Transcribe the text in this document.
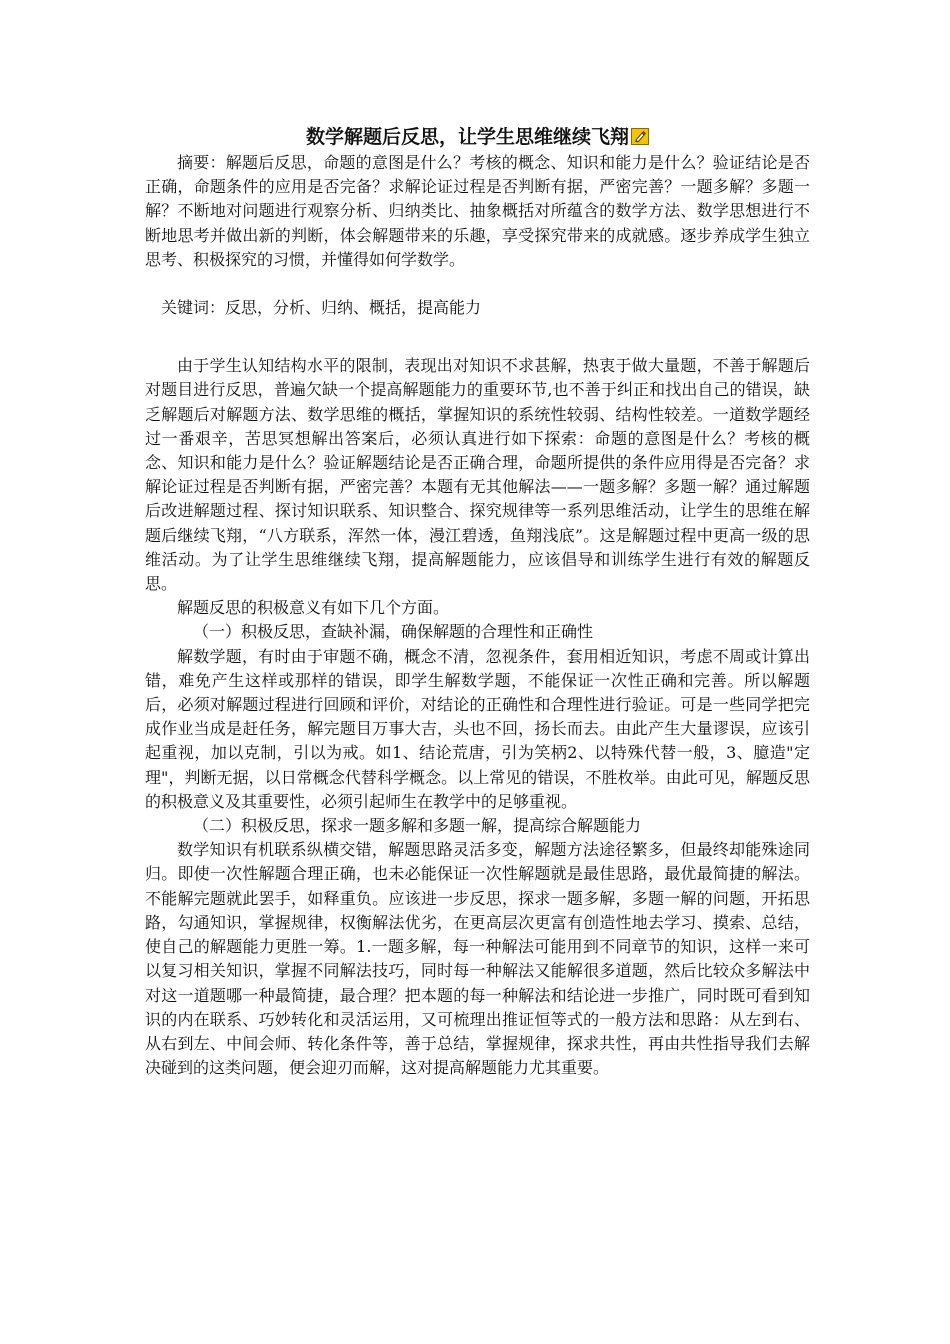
数学解题后反思，让学生思维继续飞翔

摘要：解题后反思，命题的意图是什么？考核的概念、知识和能力是什么？验证结论是否正确，命题条件的应用是否完备？求解论证过程是否判断有据，严密完善？一题多解？多题一解？不断地对问题进行观察分析、归纳类比、抽象概括对所蕴含的数学方法、数学思想进行不断地思考并做出新的判断，体会解题带来的乐趣，享受探究带来的成就感。逐步养成学生独立思考、积极探究的习惯，并懂得如何学数学。

关键词：反思，分析、归纳、概括，提高能力

由于学生认知结构水平的限制，表现出对知识不求甚解，热衷于做大量题，不善于解题后对题目进行反思，普遍欠缺一个提高解题能力的重要环节,也不善于纠正和找出自己的错误，缺乏解题后对解题方法、数学思维的概括，掌握知识的系统性较弱、结构性较差。一道数学题经过一番艰辛，苦思冥想解出答案后，必须认真进行如下探索：命题的意图是什么？考核的概念、知识和能力是什么？验证解题结论是否正确合理，命题所提供的条件应用得是否完备？求解论证过程是否判断有据，严密完善？本题有无其他解法——一题多解？多题一解？通过解题后改进解题过程、探讨知识联系、知识整合、探究规律等一系列思维活动，让学生的思维在解题后继续飞翔，“八方联系，浑然一体，漫江碧透，鱼翔浅底”。这是解题过程中更高一级的思维活动。为了让学生思维继续飞翔，提高解题能力，应该倡导和训练学生进行有效的解题反思。

解题反思的积极意义有如下几个方面。

（一）积极反思，查缺补漏，确保解题的合理性和正确性

解数学题，有时由于审题不确，概念不清，忽视条件，套用相近知识，考虑不周或计算出错，难免产生这样或那样的错误，即学生解数学题，不能保证一次性正确和完善。所以解题后，必须对解题过程进行回顾和评价，对结论的正确性和合理性进行验证。可是一些同学把完成作业当成是赶任务，解完题目万事大吉，头也不回，扬长而去。由此产生大量谬误，应该引起重视，加以克制，引以为戒。如1、结论荒唐，引为笑柄2、以特殊代替一般，3、臆造"定理"，判断无据，以日常概念代替科学概念。以上常见的错误，不胜枚举。由此可见，解题反思的积极意义及其重要性，必须引起师生在教学中的足够重视。

（二）积极反思，探求一题多解和多题一解，提高综合解题能力

数学知识有机联系纵横交错，解题思路灵活多变，解题方法途径繁多，但最终却能殊途同归。即使一次性解题合理正确，也未必能保证一次性解题就是最佳思路，最优最简捷的解法。不能解完题就此罢手，如释重负。应该进一步反思，探求一题多解，多题一解的问题，开拓思路，勾通知识，掌握规律，权衡解法优劣，在更高层次更富有创造性地去学习、摸索、总结，使自己的解题能力更胜一筹。1.一题多解，每一种解法可能用到不同章节的知识，这样一来可以复习相关知识，掌握不同解法技巧，同时每一种解法又能解很多道题，然后比较众多解法中对这一道题哪一种最简捷，最合理？把本题的每一种解法和结论进一步推广，同时既可看到知识的内在联系、巧妙转化和灵活运用，又可梳理出推证恒等式的一般方法和思路：从左到右、从右到左、中间会师、转化条件等，善于总结，掌握规律，探求共性，再由共性指导我们去解决碰到的这类问题，便会迎刃而解，这对提高解题能力尤其重要。
